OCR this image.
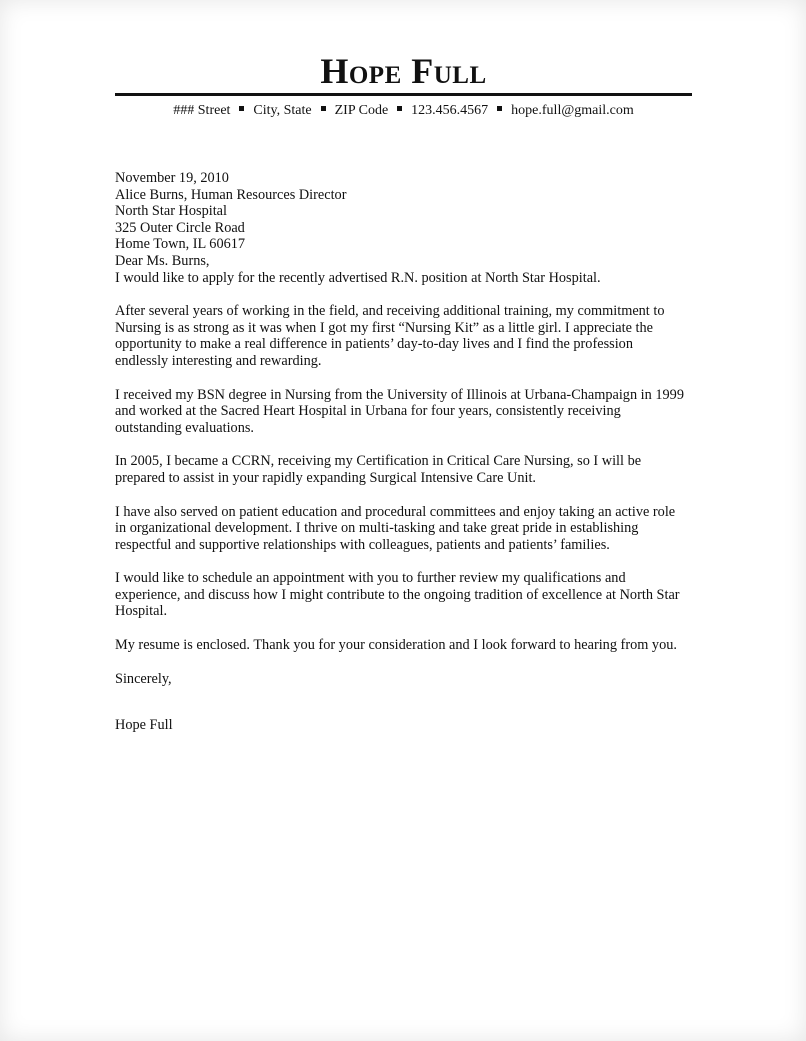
Hope Full
### Street City, State ZIP Code 123.456.4567 hope.full@gmail.com

November 19, 2010

Alice Burns, Human Resources Director
North Star Hospital
325 Outer Circle Road
Home Town, IL 60617

Dear Ms. Burns,

I would like to apply for the recently advertised R.N. position at North Star Hospital.

After several years of working in the field, and receiving additional training, my commitment to
Nursing is as strong as it was when I got my first “Nursing Kit” as a little girl. I appreciate the
opportunity to make a real difference in patients’ day-to-day lives and I find the profession
endlessly interesting and rewarding.

I received my BSN degree in Nursing from the University of Illinois at Urbana-Champaign in 1999
and worked at the Sacred Heart Hospital in Urbana for four years, consistently receiving
outstanding evaluations.

In 2005, I became a CCRN, receiving my Certification in Critical Care Nursing, so I will be
prepared to assist in your rapidly expanding Surgical Intensive Care Unit.

I have also served on patient education and procedural committees and enjoy taking an active role
in organizational development. I thrive on multi-tasking and take great pride in establishing
respectful and supportive relationships with colleagues, patients and patients’ families.

I would like to schedule an appointment with you to further review my qualifications and
experience, and discuss how I might contribute to the ongoing tradition of excellence at North Star
Hospital.

My resume is enclosed. Thank you for your consideration and I look forward to hearing from you.

Sincerely,

Hope Full
